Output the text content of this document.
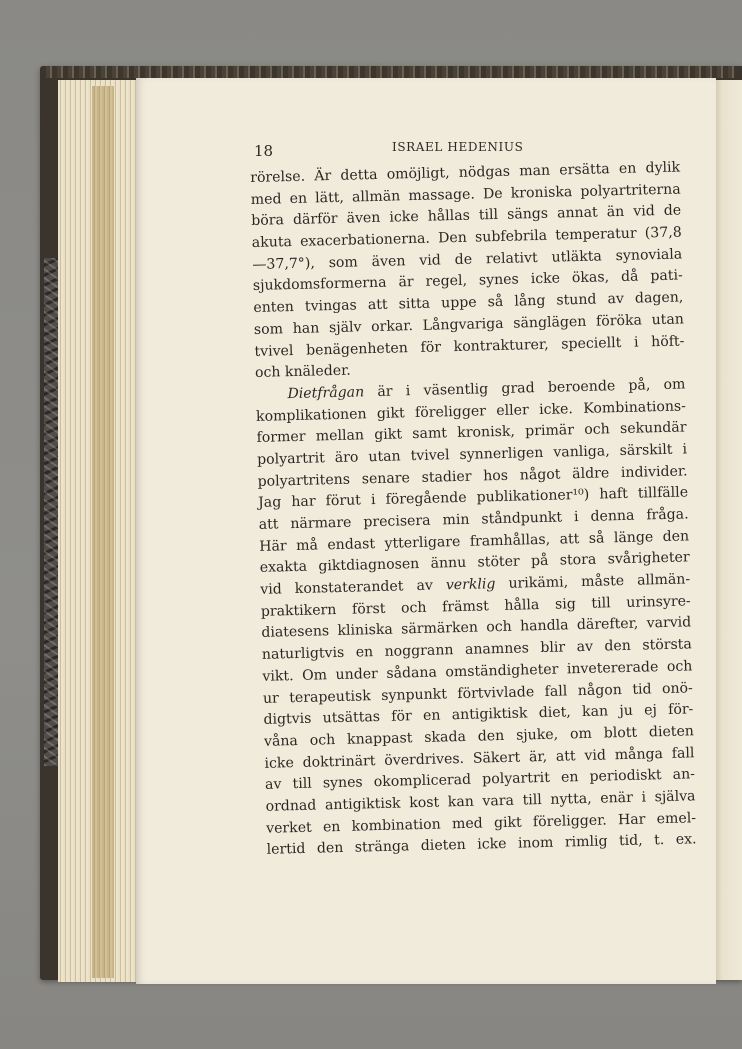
18	ISRAEL HEDENIUS
rörelse. Är detta omöjligt, nödgas man ersätta en dylik
med en lätt, allmän massage. De kroniska polyartriterna
böra därför även icke hållas till sängs annat än vid de
akuta exacerbationerna. Den subfebrila temperatur (37,8
—37,7°), som även vid de relativt utläkta synoviala
sjukdomsformerna är regel, synes icke ökas, då pati-
enten tvingas att sitta uppe så lång stund av dagen,
som han själv orkar. Långvariga sänglägen föröka utan
tvivel benägenheten för kontrakturer, speciellt i höft-
och knäleder.
Dietfrågan är i väsentlig grad beroende på, om
komplikationen gikt föreligger eller icke. Kombinations-
former mellan gikt samt kronisk, primär och sekundär
polyartrit äro utan tvivel synnerligen vanliga, särskilt i
polyartritens senare stadier hos något äldre individer.
Jag har förut i föregående publikationer¹⁰) haft tillfälle
att närmare precisera min ståndpunkt i denna fråga.
Här må endast ytterligare framhållas, att så länge den
exakta giktdiagnosen ännu stöter på stora svårigheter
vid konstaterandet av verklig urikämi, måste allmän-
praktikern först och främst hålla sig till urinsyre-
diatesens kliniska särmärken och handla därefter, varvid
naturligtvis en noggrann anamnes blir av den största
vikt. Om under sådana omständigheter invetererade och
ur terapeutisk synpunkt förtvivlade fall någon tid onö-
digtvis utsättas för en antigiktisk diet, kan ju ej för-
våna och knappast skada den sjuke, om blott dieten
icke doktrinärt överdrives. Säkert är, att vid många fall
av till synes okomplicerad polyartrit en periodiskt an-
ordnad antigiktisk kost kan vara till nytta, enär i själva
verket en kombination med gikt föreligger. Har emel-
lertid den stränga dieten icke inom rimlig tid, t. ex.
